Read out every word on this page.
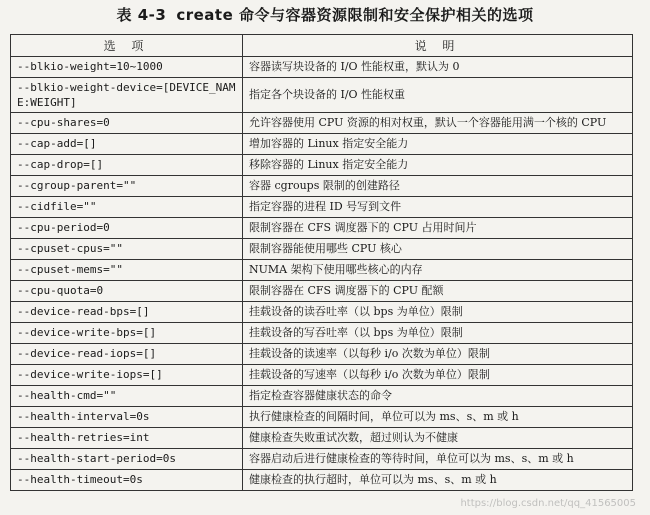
表 4-3 create 命令与容器资源限制和安全保护相关的选项
选 项	说 明
--blkio-weight=10~1000	容器读写块设备的 I/O 性能权重，默认为 0
--blkio-weight-device=[DEVICE_NAME:WEIGHT]	指定各个块设备的 I/O 性能权重
--cpu-shares=0	允许容器使用 CPU 资源的相对权重，默认一个容器能用满一个核的 CPU
--cap-add=[]	增加容器的 Linux 指定安全能力
--cap-drop=[]	移除容器的 Linux 指定安全能力
--cgroup-parent=""	容器 cgroups 限制的创建路径
--cidfile=""	指定容器的进程 ID 号写到文件
--cpu-period=0	限制容器在 CFS 调度器下的 CPU 占用时间片
--cpuset-cpus=""	限制容器能使用哪些 CPU 核心
--cpuset-mems=""	NUMA 架构下使用哪些核心的内存
--cpu-quota=0	限制容器在 CFS 调度器下的 CPU 配额
--device-read-bps=[]	挂载设备的读吞吐率（以 bps 为单位）限制
--device-write-bps=[]	挂载设备的写吞吐率（以 bps 为单位）限制
--device-read-iops=[]	挂载设备的读速率（以每秒 i/o 次数为单位）限制
--device-write-iops=[]	挂载设备的写速率（以每秒 i/o 次数为单位）限制
--health-cmd=""	指定检查容器健康状态的命令
--health-interval=0s	执行健康检查的间隔时间，单位可以为 ms、s、m 或 h
--health-retries=int	健康检查失败重试次数，超过则认为不健康
--health-start-period=0s	容器启动后进行健康检查的等待时间，单位可以为 ms、s、m 或 h
--health-timeout=0s	健康检查的执行超时，单位可以为 ms、s、m 或 h
https://blog.csdn.net/qq_41565005
